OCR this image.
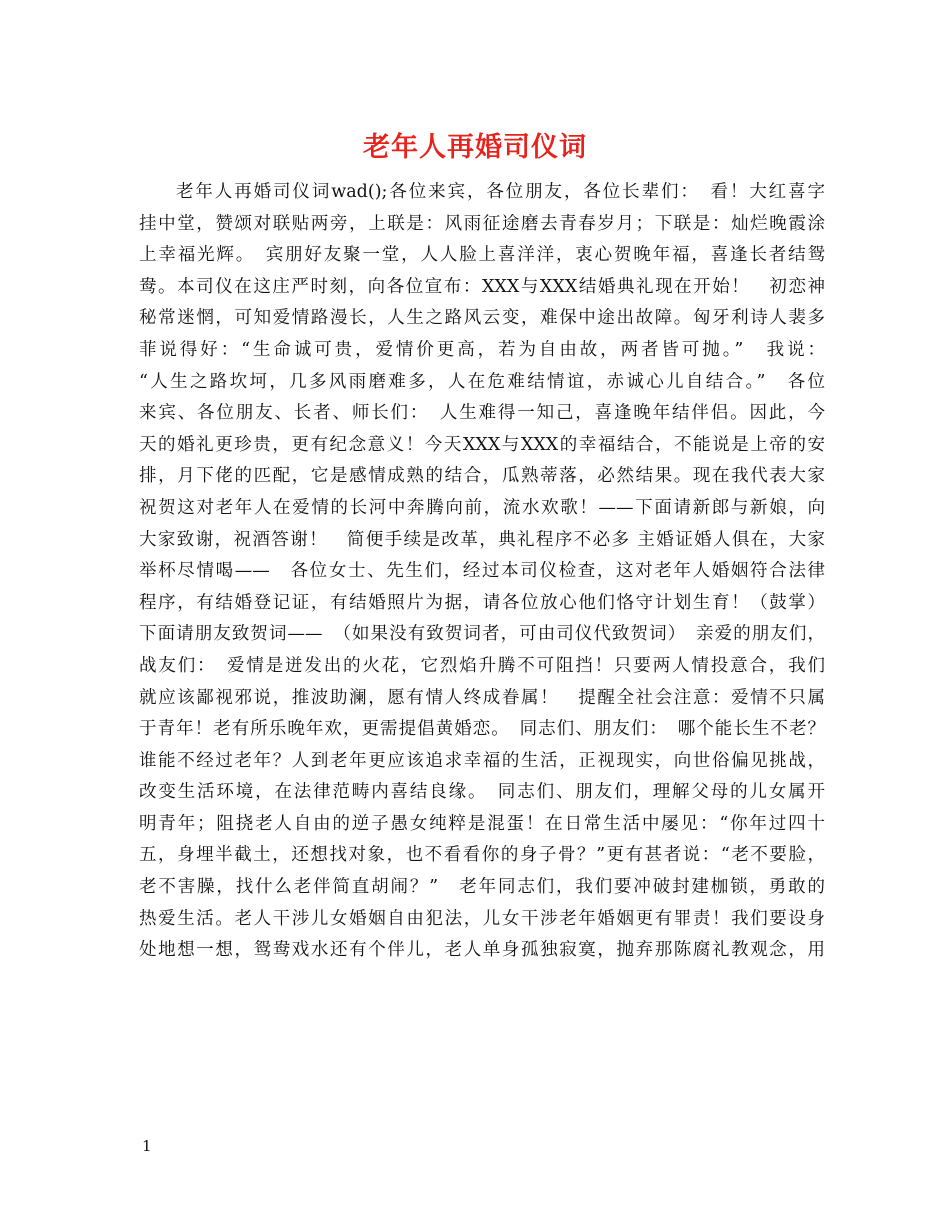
老年人再婚司仪词
老年人再婚司仪词wad();各位来宾，各位朋友，各位长辈们：　看！大红喜字
挂中堂，赞颂对联贴两旁，上联是：风雨征途磨去青春岁月；下联是：灿烂晚霞涂
上幸福光辉。　宾朋好友聚一堂，人人脸上喜洋洋，衷心贺晚年福，喜逢长者结鸳
鸯。本司仪在这庄严时刻，向各位宣布：XXX与XXX结婚典礼现在开始！　初恋神
秘常迷惘，可知爱情路漫长，人生之路风云变，难保中途出故障。匈牙利诗人裴多
菲说得好：“生命诚可贵，爱情价更高，若为自由故，两者皆可抛。”　我说：
“人生之路坎坷，几多风雨磨难多，人在危难结情谊，赤诚心儿自结合。”　各位
来宾、各位朋友、长者、师长们：　人生难得一知己，喜逢晚年结伴侣。因此，今
天的婚礼更珍贵，更有纪念意义！今天XXX与XXX的幸福结合，不能说是上帝的安
排，月下佬的匹配，它是感情成熟的结合，瓜熟蒂落，必然结果。现在我代表大家
祝贺这对老年人在爱情的长河中奔腾向前，流水欢歌！——下面请新郎与新娘，向
大家致谢，祝酒答谢！　简便手续是改革，典礼程序不必多 主婚证婚人俱在，大家
举杯尽情喝——　各位女士、先生们，经过本司仪检查，这对老年人婚姻符合法律
程序，有结婚登记证，有结婚照片为据，请各位放心他们恪守计划生育！（鼓掌）
下面请朋友致贺词——　（如果没有致贺词者，可由司仪代致贺词）　亲爱的朋友们，
战友们：　爱情是迸发出的火花，它烈焰升腾不可阻挡！只要两人情投意合，我们
就应该鄙视邪说，推波助澜，愿有情人终成眷属！　提醒全社会注意：爱情不只属
于青年！老有所乐晚年欢，更需提倡黄婚恋。　同志们、朋友们：　哪个能长生不老？
谁能不经过老年？人到老年更应该追求幸福的生活，正视现实，向世俗偏见挑战，
改变生活环境，在法律范畴内喜结良缘。　同志们、朋友们，理解父母的儿女属开
明青年；阻挠老人自由的逆子愚女纯粹是混蛋！在日常生活中屡见：“你年过四十
五，身埋半截土，还想找对象，也不看看你的身子骨？”更有甚者说：“老不要脸，
老不害臊，找什么老伴简直胡闹？”　老年同志们，我们要冲破封建枷锁，勇敢的
热爱生活。老人干涉儿女婚姻自由犯法，儿女干涉老年婚姻更有罪责！我们要设身
处地想一想，鸳鸯戏水还有个伴儿，老人单身孤独寂寞，抛弃那陈腐礼教观念，用
1
